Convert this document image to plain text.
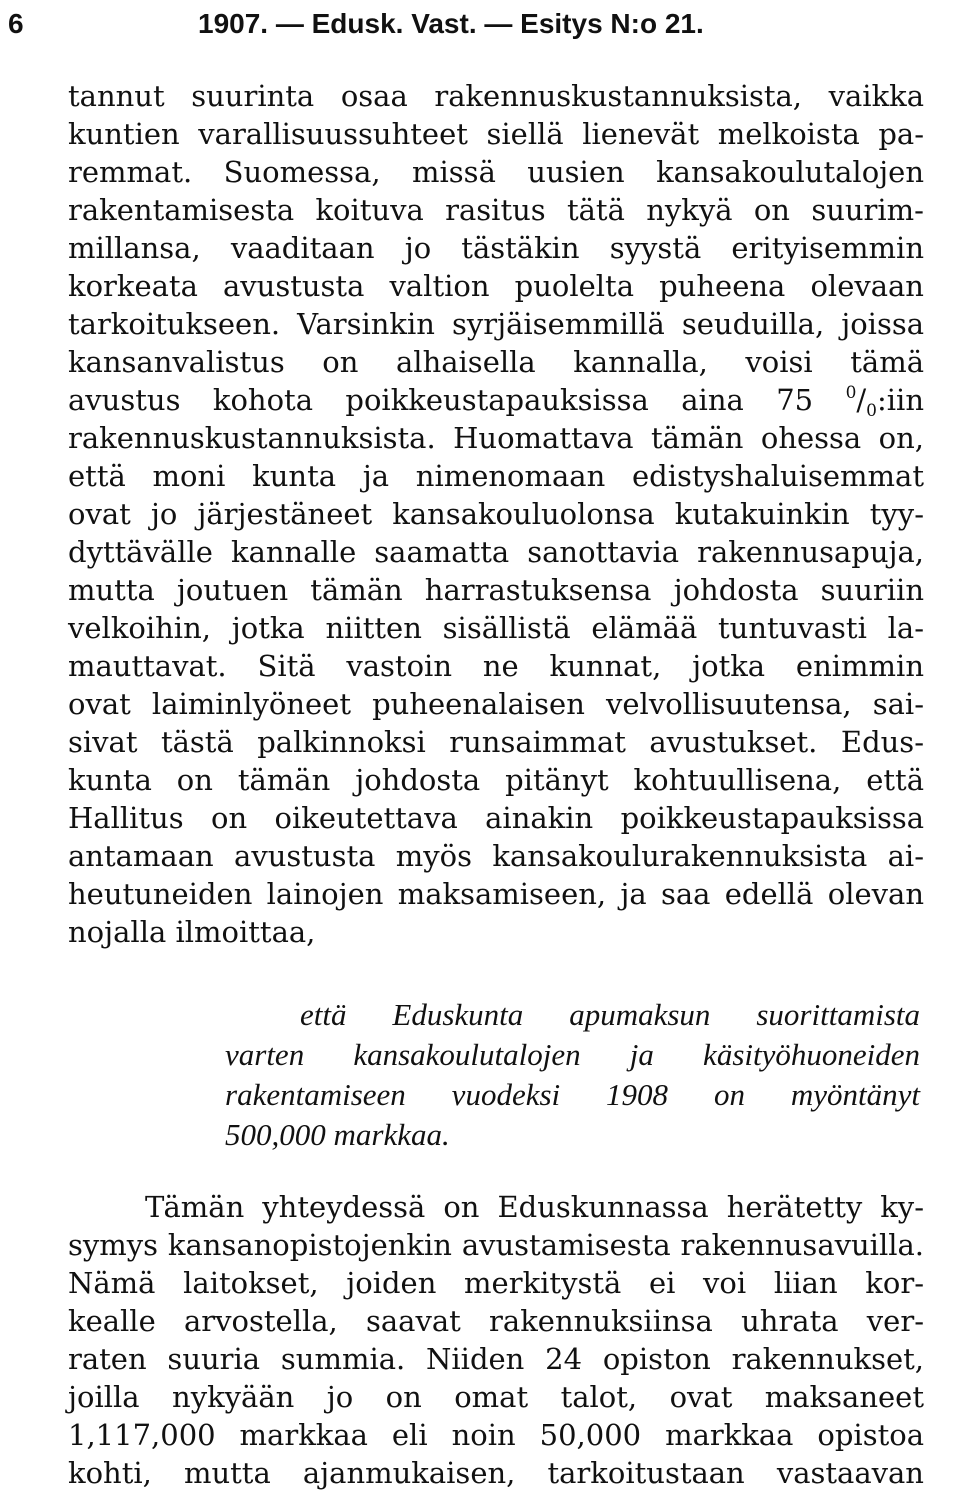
6	1907. — Edusk. Vast. — Esitys N:o 21.
tannut suurinta osaa rakennuskustannuksista, vaikka
kuntien varallisuussuhteet siellä lienevät melkoista pa-
remmat. Suomessa, missä uusien kansakoulutalojen
rakentamisesta koituva rasitus tätä nykyä on suurim-
millansa, vaaditaan jo tästäkin syystä erityisemmin
korkeata avustusta valtion puolelta puheena olevaan
tarkoitukseen. Varsinkin syrjäisemmillä seuduilla, joissa
kansanvalistus on alhaisella kannalla, voisi tämä
avustus kohota poikkeustapauksissa aina 75 $^0/_0:iin$
rakennuskustannuksista. Huomattava tämän ohessa on,
että moni kunta ja nimenomaan edistyshaluisemmat
ovat jo järjestäneet kansakouluolonsa kutakuinkin tyy-
dyttävälle kannalle saamatta sanottavia rakennusapuja,
mutta joutuen tämän harrastuksensa johdosta suuriin
velkoihin, jotka niitten sisällistä elämää tuntuvasti la-
mauttavat. Sitä vastoin ne kunnat, jotka enimmin
ovat laiminlyöneet puheenalaisen velvollisuutensa, sai-
sivat tästä palkinnoksi runsaimmat avustukset. Edus-
kunta on tämän johdosta pitänyt kohtuullisena, että
Hallitus on oikeutettava ainakin poikkeustapauksissa
antamaan avustusta myös kansakoulurakennuksista ai-
heutuneiden lainojen maksamiseen, ja saa edellä olevan
nojalla ilmoittaa,
että Eduskunta apumaksun suorittamista
varten kansakoulutalojen ja käsityöhuoneiden
rakentamiseen vuodeksi 1908 on myöntänyt
500,000 markkaa.
Tämän yhteydessä on Eduskunnassa herätetty ky-
symys kansanopistojenkin avustamisesta rakennusavuilla.
Nämä laitokset, joiden merkitystä ei voi liian kor-
kealle arvostella, saavat rakennuksiinsa uhrata ver-
raten suuria summia. Niiden 24 opiston rakennukset,
joilla nykyään jo on omat talot, ovat maksaneet
1,117,000 markkaa eli noin 50,000 markkaa opistoa
kohti, mutta ajanmukaisen, tarkoitustaan vastaavan
